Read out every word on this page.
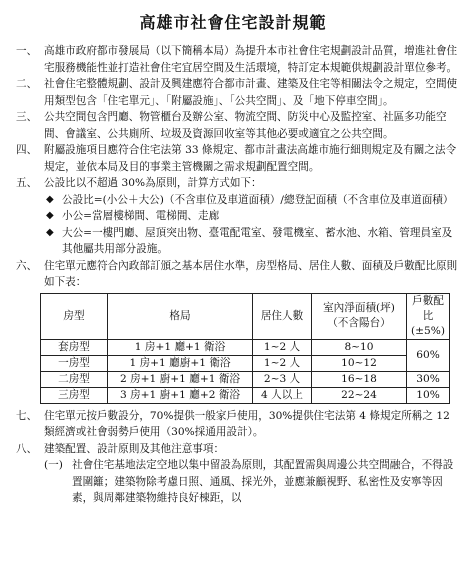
高雄市社會住宅設計規範
一、 高雄市政府都市發展局（以下簡稱本局）為提升本市社會住宅規劃設計品質，增進社會住宅服務機能性並打造社會住宅宜居空間及生活環境，特訂定本規範供規劃設計單位參考。
二、 社會住宅整體規劃、設計及興建應符合都市計畫、建築及住宅等相關法令之規定，空間使用類型包含「住宅單元」、「附屬設施」、「公共空間」、及「地下停車空間」。
三、 公共空間包含門廳、物管櫃台及辦公室、物流空間、防災中心及監控室、社區多功能空間、會議室、公共廁所、垃圾及資源回收室等其他必要或適宜之公共空間。
四、 附屬設施項目應符合住宅法第 33 條規定、都市計畫法高雄市施行細則規定及有關之法令規定，並依本局及目的事業主管機關之需求規劃配置空間。
五、 公設比以不超過 30%為原則，計算方式如下：
◆ 公設比=(小公＋大公)（不含車位及車道面積）/總登記面積（不含車位及車道面積）
◆ 小公=當層樓梯間、電梯間、走廊
◆ 大公=一樓門廳、屋頂突出物、臺電配電室、發電機室、蓄水池、水箱、管理員室及其他屬共用部分設施。
六、 住宅單元應符合內政部訂頒之基本居住水準，房型格局、居住人數、面積及戶數配比原則如下表：
房型	格局	居住人數	室內淨面積(坪)（不含陽台）	戶數配比(±5%)
套房型	1 房+1 廳+1 衛浴	1~2 人	8~10	60%
一房型	1 房+1 廳廚+1 衛浴	1~2 人	10~12	
二房型	2 房+1 廚+1 廳+1 衛浴	2~3 人	16~18	30%
三房型	3 房+1 廚+1 廳+2 衛浴	4 人以上	22~24	10%
七、 住宅單元按戶數設分，70%提供一般家戶使用，30%提供住宅法第 4 條規定所稱之 12 類經濟或社會弱勢戶使用（30%採通用設計）。
八、 建築配置、設計原則及其他注意事項：
(一) 社會住宅基地法定空地以集中留設為原則，其配置需與周邊公共空間融合，不得設置圍籬；建築物除考慮日照、通風、採光外，並應兼顧視野、私密性及安寧等因素，與周鄰建築物維持良好棟距，以
